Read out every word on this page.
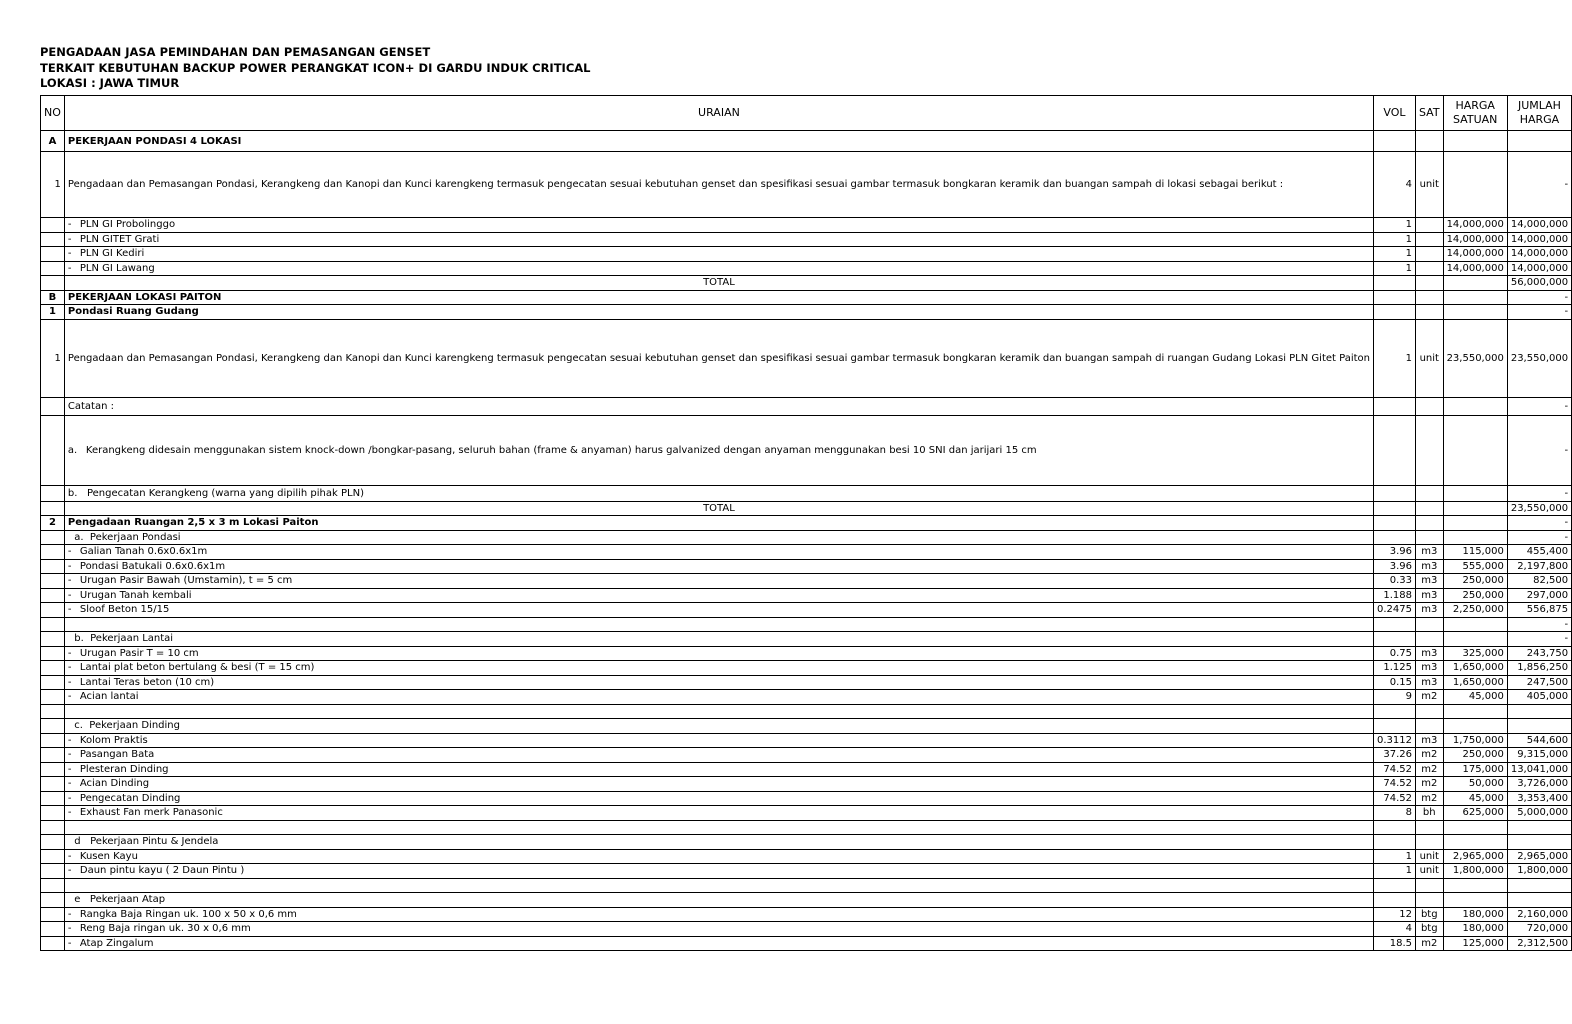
PENGADAAN JASA PEMINDAHAN DAN PEMASANGAN GENSET
TERKAIT KEBUTUHAN BACKUP POWER PERANGKAT ICON+ DI GARDU INDUK CRITICAL
LOKASI : JAWA TIMUR
NO	URAIAN	VOL	SAT	HARGA SATUAN	JUMLAH HARGA
A	PEKERJAAN PONDASI 4 LOKASI				
1	Pengadaan dan Pemasangan Pondasi, Kerangkeng dan Kanopi dan Kunci karengkeng termasuk pengecatan sesuai kebutuhan genset dan spesifikasi sesuai gambar termasuk bongkaran keramik dan buangan sampah di lokasi sebagai berikut :	4	unit		-
	- PLN GI Probolinggo	1		14,000,000	14,000,000
	- PLN GITET Grati	1		14,000,000	14,000,000
	- PLN GI Kediri	1		14,000,000	14,000,000
	- PLN GI Lawang	1		14,000,000	14,000,000
	TOTAL				56,000,000
B	PEKERJAAN LOKASI PAITON				-
1	Pondasi Ruang Gudang				-
1	Pengadaan dan Pemasangan Pondasi, Kerangkeng dan Kanopi dan Kunci karengkeng termasuk pengecatan sesuai kebutuhan genset dan spesifikasi sesuai gambar termasuk bongkaran keramik dan buangan sampah di ruangan Gudang Lokasi PLN Gitet Paiton	1	unit	23,550,000	23,550,000
	Catatan :				-

	a. Kerangkeng didesain menggunakan sistem knock-down /bongkar-pasang, seluruh bahan (frame & anyaman) harus galvanized dengan anyaman menggunakan besi 10 SNI dan jarijari 15 cm				-
	b.   Pengecatan Kerangkeng (warna yang dipilih pihak PLN)				-
	TOTAL				23,550,000
2	Pengadaan Ruangan 2,5 x 3 m Lokasi Paiton				-
	a.  Pekerjaan Pondasi				-
	- Galian Tanah 0.6x0.6x1m	3.96	m3	115,000	455,400
	- Pondasi Batukali 0.6x0.6x1m	3.96	m3	555,000	2,197,800
	- Urugan Pasir Bawah (Umstamin), t = 5 cm	0.33	m3	250,000	82,500
	- Urugan Tanah kembali	1.188	m3	250,000	297,000
	- Sloof Beton 15/15	0.2475	m3	2,250,000	556,875
					-
	b.  Pekerjaan Lantai				-
	- Urugan Pasir T = 10 cm	0.75	m3	325,000	243,750
	- Lantai plat beton bertulang & besi (T = 15 cm)	1.125	m3	1,650,000	1,856,250
	- Lantai Teras beton (10 cm)	0.15	m3	1,650,000	247,500
	- Acian lantai	9	m2	45,000	405,000

	c.  Pekerjaan Dinding				
	- Kolom Praktis	0.3112	m3	1,750,000	544,600
	- Pasangan Bata	37.26	m2	250,000	9,315,000
	- Plesteran Dinding	74.52	m2	175,000	13,041,000
	- Acian Dinding	74.52	m2	50,000	3,726,000
	- Pengecatan Dinding	74.52	m2	45,000	3,353,400
	- Exhaust Fan merk Panasonic	8	bh	625,000	5,000,000

	d   Pekerjaan Pintu & Jendela				
	- Kusen Kayu	1	unit	2,965,000	2,965,000
	- Daun pintu kayu ( 2 Daun Pintu )	1	unit	1,800,000	1,800,000

	e   Pekerjaan Atap				
	- Rangka Baja Ringan uk. 100 x 50 x 0,6 mm	12	btg	180,000	2,160,000
	- Reng Baja ringan uk. 30 x 0,6 mm	4	btg	180,000	720,000
	- Atap Zingalum	18.5	m2	125,000	2,312,500
